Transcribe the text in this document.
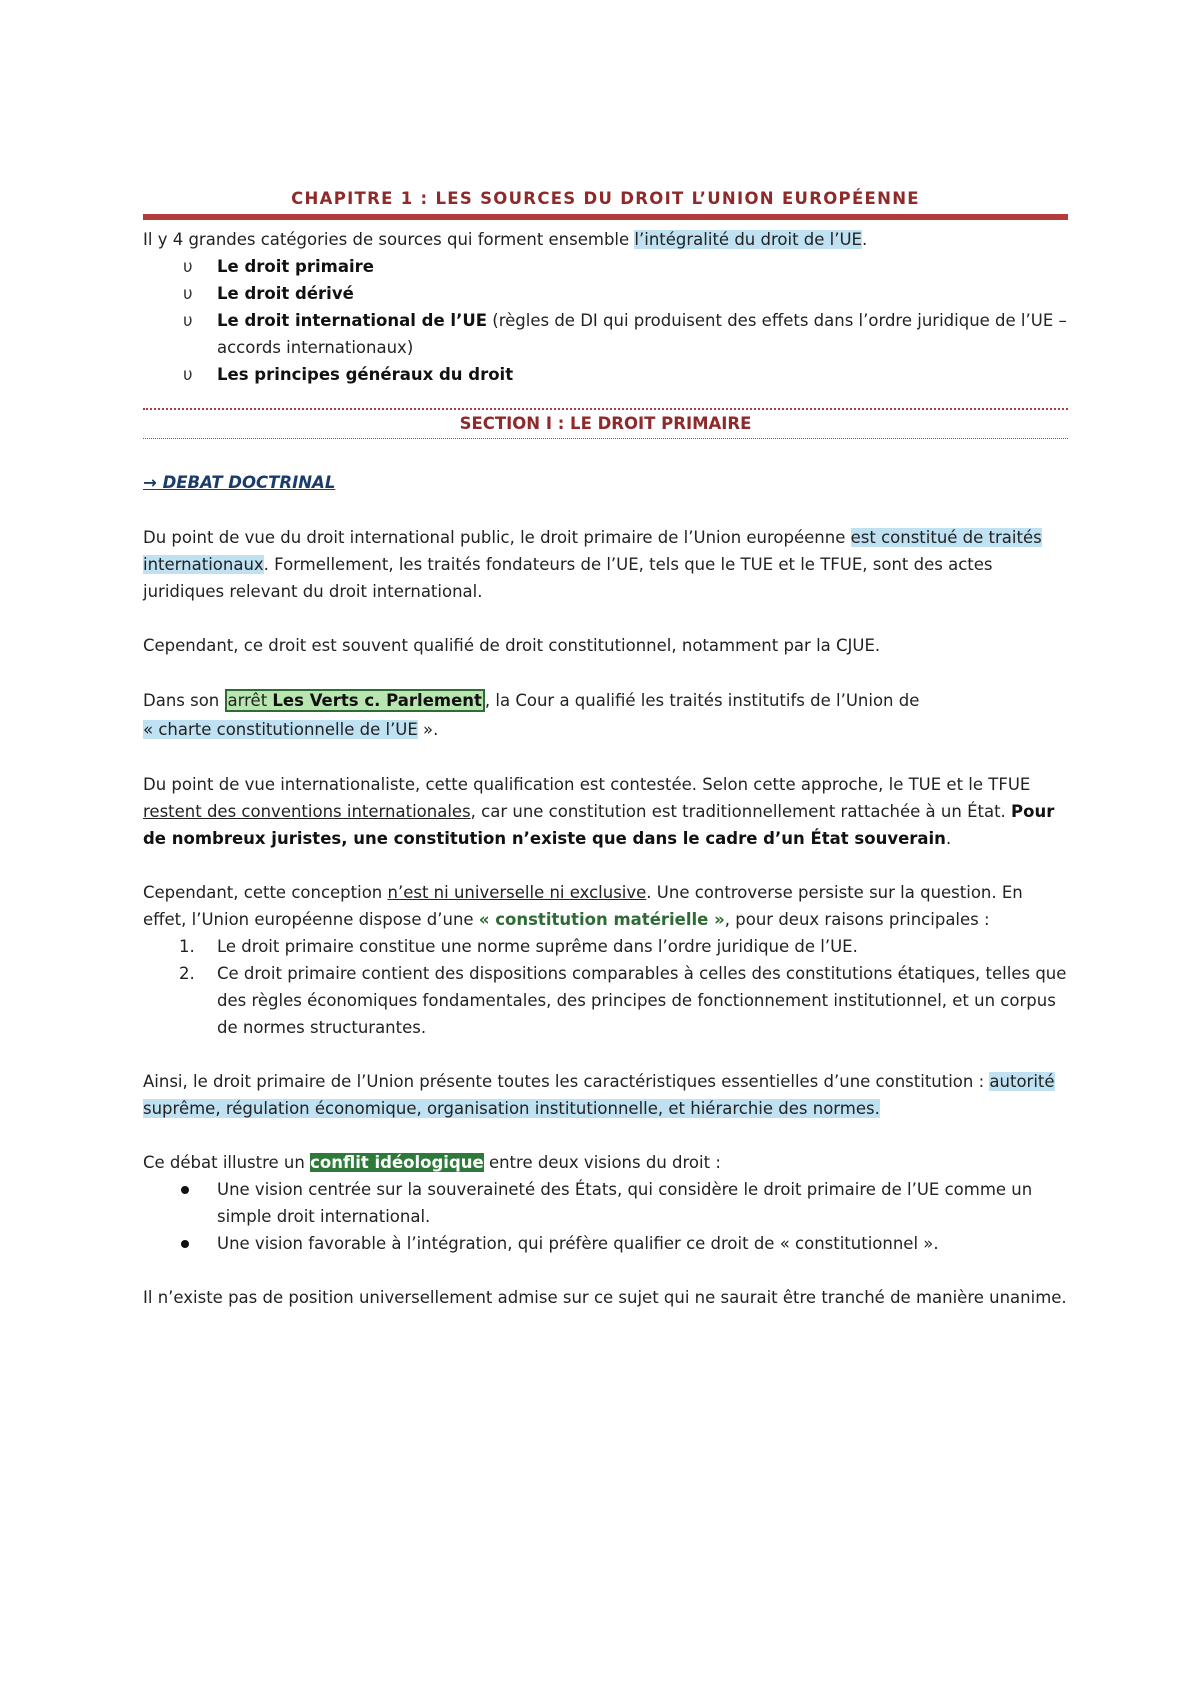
CHAPITRE 1 : LES SOURCES DU DROIT L’UNION EUROPÉENNE

Il y 4 grandes catégories de sources qui forment ensemble l’intégralité du droit de l’UE.

υ Le droit primaire
υ Le droit dérivé
υ Le droit international de l’UE (règles de DI qui produisent des effets dans l’ordre juridique de l’UE – accords internationaux)
υ Les principes généraux du droit
SECTION I : LE DROIT PRIMAIRE
→ DEBAT DOCTRINAL

Du point de vue du droit international public, le droit primaire de l’Union européenne est constitué de traités internationaux. Formellement, les traités fondateurs de l’UE, tels que le TUE et le TFUE, sont des actes juridiques relevant du droit international.

Cependant, ce droit est souvent qualifié de droit constitutionnel, notamment par la CJUE.

Dans son arrêt Les Verts c. Parlement , la Cour a qualifié les traités institutifs de l’Union de
« charte constitutionnelle de l’UE ».

Du point de vue internationaliste, cette qualification est contestée. Selon cette approche, le TUE et le TFUE restent des conventions internationales, car une constitution est traditionnellement rattachée à un État. Pour de nombreux juristes, une constitution n’existe que dans le cadre d’un État souverain.

Cependant, cette conception n’est ni universelle ni exclusive. Une controverse persiste sur la question. En effet, l’Union européenne dispose d’une « constitution matérielle », pour deux raisons principales :

1. Le droit primaire constitue une norme suprême dans l’ordre juridique de l’UE.
2. Ce droit primaire contient des dispositions comparables à celles des constitutions étatiques, telles que des règles économiques fondamentales, des principes de fonctionnement institutionnel, et un corpus de normes structurantes.

Ainsi, le droit primaire de l’Union présente toutes les caractéristiques essentielles d’une constitution : autorité suprême, régulation économique, organisation institutionnelle, et hiérarchie des normes.

Ce débat illustre un conflit idéologique entre deux visions du droit :

Une vision centrée sur la souveraineté des États, qui considère le droit primaire de l’UE comme un simple droit international.
Une vision favorable à l’intégration, qui préfère qualifier ce droit de « constitutionnel ».

Il n’existe pas de position universellement admise sur ce sujet qui ne saurait être tranché de manière unanime.
